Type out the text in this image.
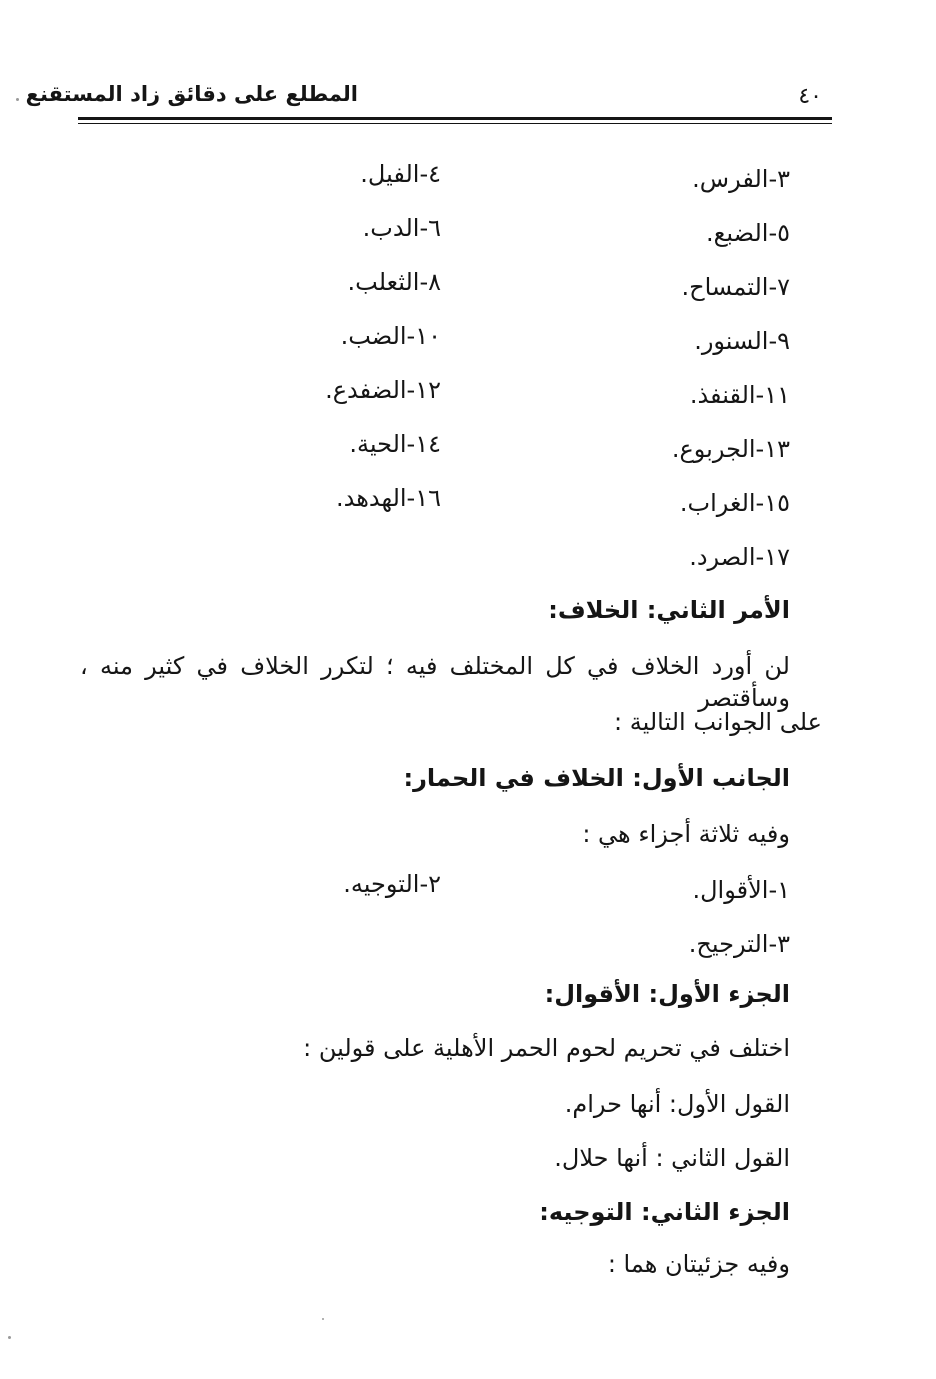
المطلع على دقائق زاد المستقنع	٤٠
٣-الفرس.
٤-الفيل.
٥-الضبع.
٦-الدب.
٧-التمساح.
٨-الثعلب.
٩-السنور.
١٠-الضب.
١١-القنفذ.
١٢-الضفدع.
١٣-الجربوع.
١٤-الحية.
١٥-الغراب.
١٦-الهدهد.
١٧-الصرد.
الأمر الثاني: الخلاف:
لن أورد الخلاف في كل المختلف فيه ؛ لتكرر الخلاف في كثير منه ، وسأقتصر
على الجوانب التالية :
الجانب الأول: الخلاف في الحمار:
وفيه ثلاثة أجزاء هي :
١-الأقوال.
٢-التوجيه.
٣-الترجيح.
الجزء الأول: الأقوال:
اختلف في تحريم لحوم الحمر الأهلية على قولين :
القول الأول: أنها حرام.
القول الثاني : أنها حلال.
الجزء الثاني: التوجيه:
وفيه جزئيتان هما :
